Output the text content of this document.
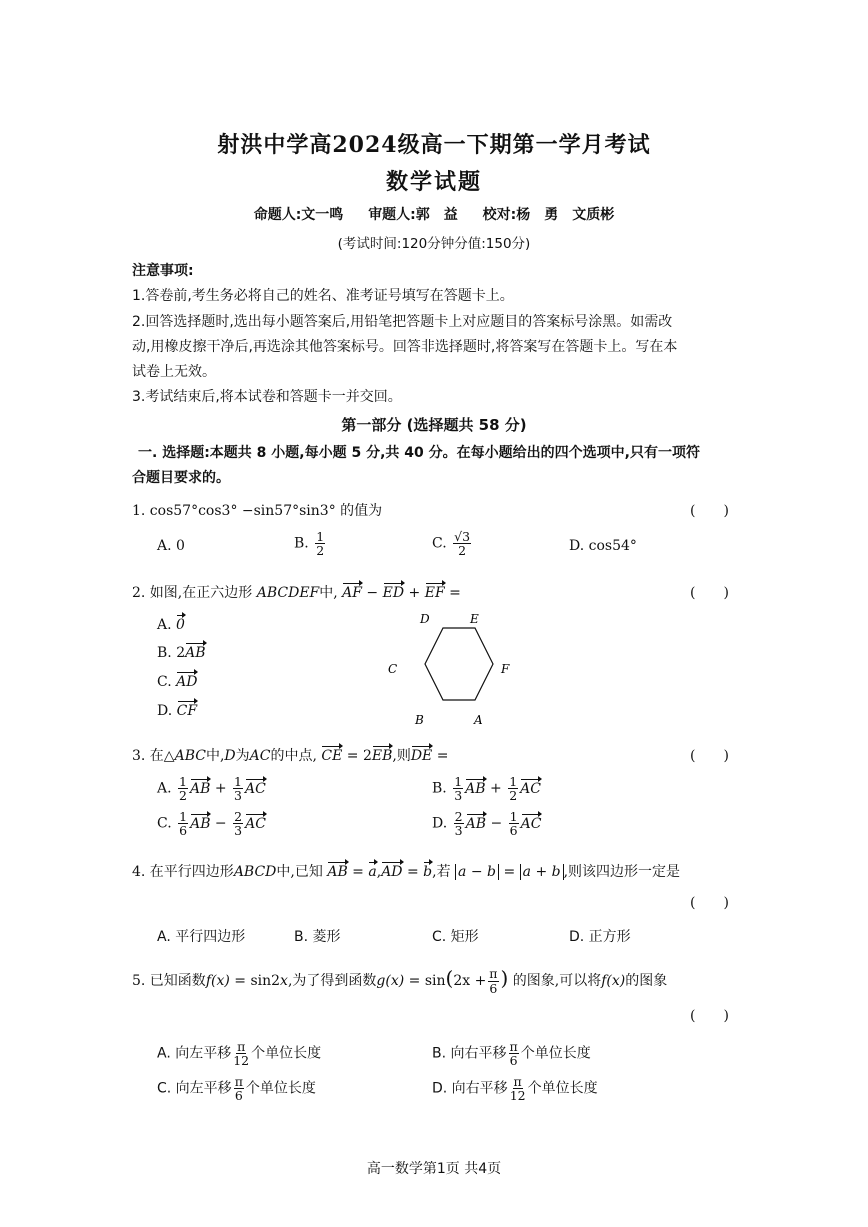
射洪中学高2024级高一下期第一学月考试
数学试题
命题人:文一鸣 审题人:郭　益 校对:杨　勇　文质彬
(考试时间:120分钟分值:150分)
注意事项:
1.答卷前,考生务必将自己的姓名、准考证号填写在答题卡上。
2.回答选择题时,选出每小题答案后,用铅笔把答题卡上对应题目的答案标号涂黑。如需改
动,用橡皮擦干净后,再选涂其他答案标号。回答非选择题时,将答案写在答题卡上。写在本
试卷上无效。
3.考试结束后,将本试卷和答题卡一并交回。
第一部分 (选择题共 58 分)
一. 选择题:本题共 8 小题,每小题 5 分,共 40 分。在每小题给出的四个选项中,只有一项符
合题目要求的。
1. cos57°cos3° −sin57°sin3° 的值为	(　　)
A. 0	B. $\frac{1}{2}$	C. $\frac{√3}{2}$	D. cos54°
2. 如图,在正六边形 ABCDEF中, AF − ED + EF =	(　　)
A. 0
B. 2AB
C. AD
D. CF
D	E
C	F
B	A
3. 在△ABC中,D为AC的中点, CE = 2EB,则DE =	(　　)
A. $\frac{1}{2}$ AB + $\frac{1}{3}$ AC	B. $\frac{1}{3}$ AB + $\frac{1}{2}$ AC
C. $\frac{1}{6}$ AB − $\frac{2}{3}$ AC	D. $\frac{2}{3}$ AB − $\frac{1}{6}$ AC
4. 在平行四边形ABCD中,已知 AB = a,AD = b,若 a − b = a + b ,则该四边形一定是
(　　)
A. 平行四边形	B. 菱形	C. 矩形	D. 正方形
5. 已知函数f(x) = sin2x,为了得到函数$g(x) = \sin(2x + \frac{\pi}{6}$ ) 的图象,可以将f(x)的图象
(　　)
A. 向左平移 $\frac{\pi}{12}$ 个单位长度	B. 向右平移 $\frac{\pi}{6}$ 个单位长度
C. 向左平移 $\frac{\pi}{6}$ 个单位长度	D. 向右平移 $\frac{\pi}{12}$ 个单位长度
高一数学第1页 共4页
